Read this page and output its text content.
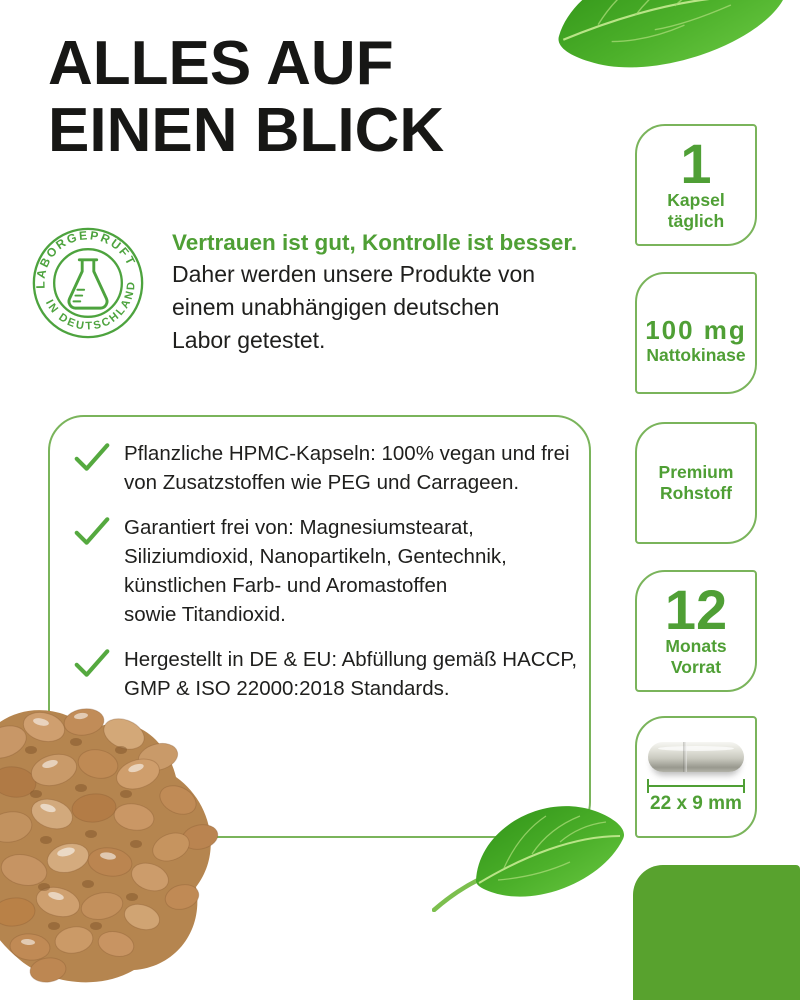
ALLES AUF
EINEN BLICK
LABORGEPRÜFT
IN DEUTSCHLAND
Vertrauen ist gut, Kontrolle ist besser.
Daher werden unsere Produkte von
einem unabhängigen deutschen
Labor getestet.
Pflanzliche HPMC-Kapseln: 100% vegan und frei
von Zusatzstoffen wie PEG und Carrageen.
Garantiert frei von: Magnesiumstearat,
Siliziumdioxid, Nanopartikeln, Gentechnik,
künstlichen Farb- und Aromastoffen
sowie Titandioxid.
Hergestellt in DE & EU: Abfüllung gemäß HACCP,
GMP & ISO 22000:2018 Standards.
1
Kapsel
täglich
100 mg
Nattokinase
Premium
Rohstoff
12
Monats
Vorrat
22 x 9 mm
